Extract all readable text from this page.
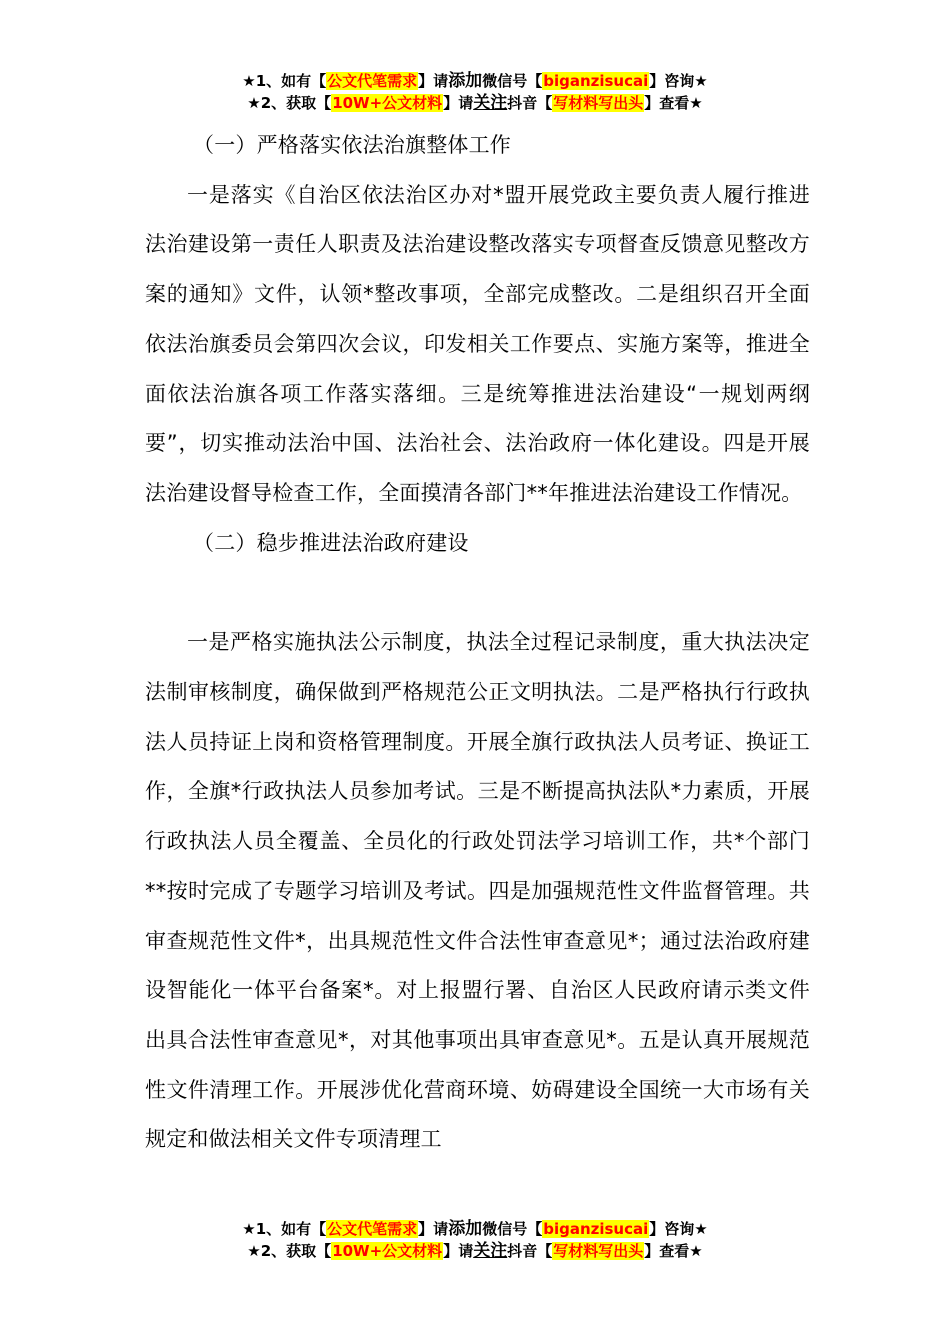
★1、如有【公文代笔需求】请添加微信号【biganzisucai】咨询★
★2、获取【10W+公文材料】请关注抖音【写材料写出头】查看★

（一）严格落实依法治旗整体工作

一是落实《自治区依法治区办对*盟开展党政主要负责人履行推进法治建设第一责任人职责及法治建设整改落实专项督查反馈意见整改方案的通知》文件，认领*整改事项，全部完成整改。二是组织召开全面依法治旗委员会第四次会议，印发相关工作要点、实施方案等，推进全面依法治旗各项工作落实落细。三是统筹推进法治建设“一规划两纲要”，切实推动法治中国、法治社会、法治政府一体化建设。四是开展法治建设督导检查工作，全面摸清各部门**年推进法治建设工作情况。

（二）稳步推进法治政府建设

一是严格实施执法公示制度，执法全过程记录制度，重大执法决定法制审核制度，确保做到严格规范公正文明执法。二是严格执行行政执法人员持证上岗和资格管理制度。开展全旗行政执法人员考证、换证工作，全旗*行政执法人员参加考试。三是不断提高执法队*力素质，开展行政执法人员全覆盖、全员化的行政处罚法学习培训工作，共*个部门**按时完成了专题学习培训及考试。四是加强规范性文件监督管理。共审查规范性文件*，出具规范性文件合法性审查意见*；通过法治政府建设智能化一体平台备案*。对上报盟行署、自治区人民政府请示类文件出具合法性审查意见*，对其他事项出具审查意见*。五是认真开展规范性文件清理工作。开展涉优化营商环境、妨碍建设全国统一大市场有关规定和做法相关文件专项清理工

★1、如有【公文代笔需求】请添加微信号【biganzisucai】咨询★
★2、获取【10W+公文材料】请关注抖音【写材料写出头】查看★
